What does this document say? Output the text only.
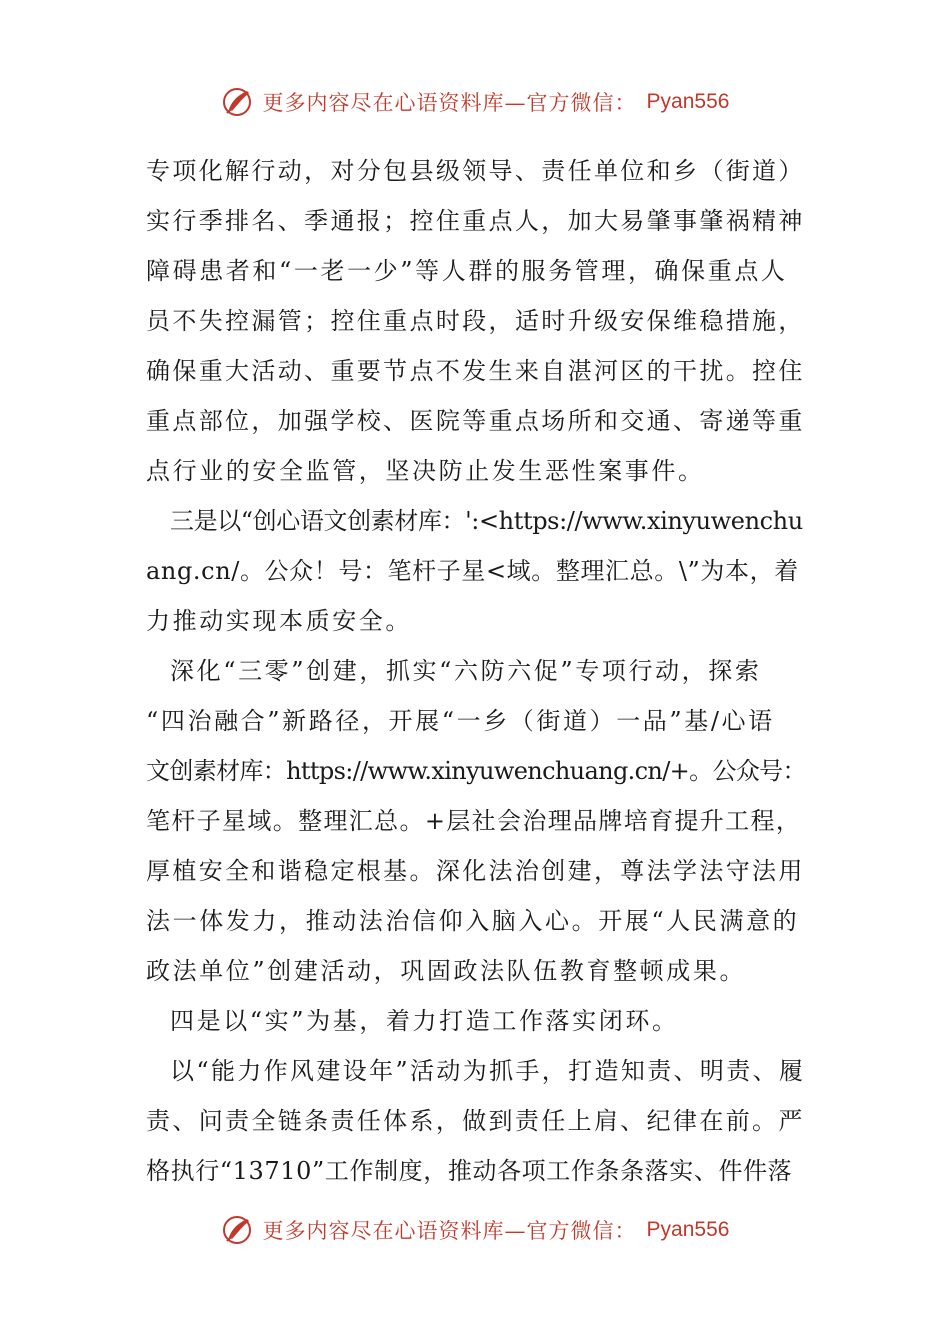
更多内容尽在心语资料库—官方微信： Pyan556
专项化解行动，对分包县级领导、责任单位和乡（街道）
实行季排名、季通报；控住重点人，加大易肇事肇祸精神
障碍患者和“一老一少”等人群的服务管理，确保重点人
员不失控漏管；控住重点时段，适时升级安保维稳措施，
确保重大活动、重要节点不发生来自湛河区的干扰。控住
重点部位，加强学校、医院等重点场所和交通、寄递等重
点行业的安全监管，坚决防止发生恶性案事件。
三是以“创心语文创素材库：':<https://www.xinyuwenchu
ang.cn/。公众！号：笔杆子星<域。整理汇总。\”为本，着
力推动实现本质安全。
深化“三零”创建，抓实“六防六促”专项行动，探索
“四治融合”新路径，开展“一乡（街道）一品”基/心语
文创素材库：https://www.xinyuwenchuang.cn/+。公众号：
笔杆子星域。整理汇总。+层社会治理品牌培育提升工程，
厚植安全和谐稳定根基。深化法治创建，尊法学法守法用
法一体发力，推动法治信仰入脑入心。开展“人民满意的
政法单位”创建活动，巩固政法队伍教育整顿成果。
四是以“实”为基，着力打造工作落实闭环。
以“能力作风建设年”活动为抓手，打造知责、明责、履
责、问责全链条责任体系，做到责任上肩、纪律在前。严
格执行“13710”工作制度，推动各项工作条条落实、件件落
更多内容尽在心语资料库—官方微信： Pyan556
